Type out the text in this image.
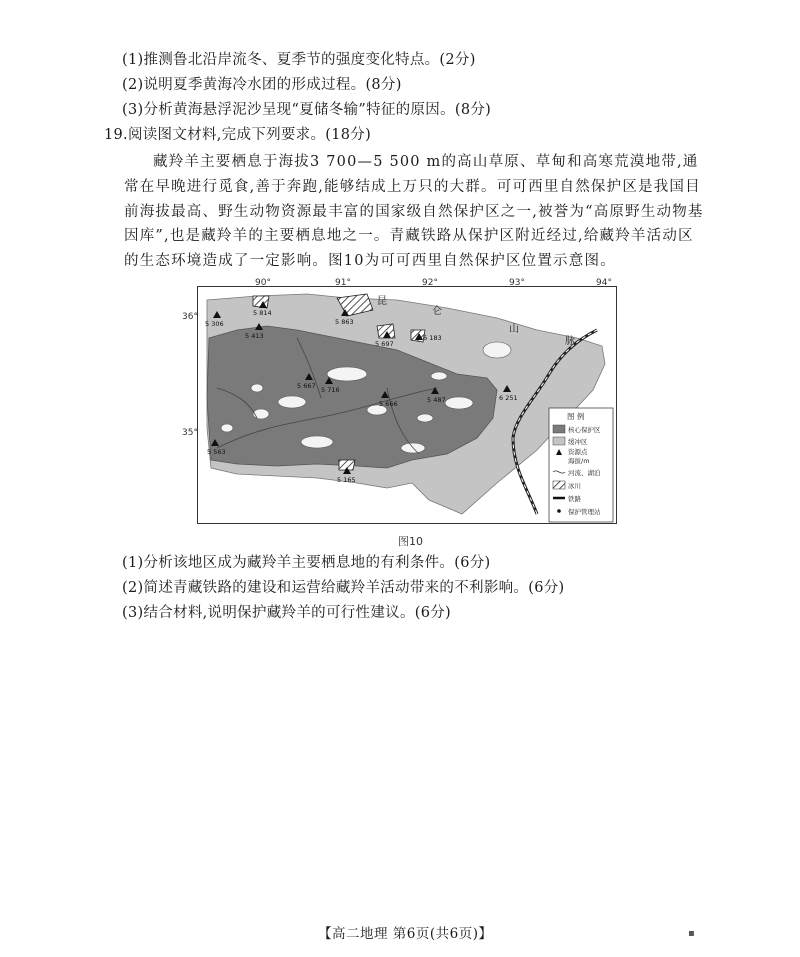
(1)推测鲁北沿岸流冬、夏季节的强度变化特点。(2分)
(2)说明夏季黄海冷水团的形成过程。(8分)
(3)分析黄海悬浮泥沙呈现“夏储冬输”特征的原因。(8分)
19.阅读图文材料,完成下列要求。(18分)
藏羚羊主要栖息于海拔3 700—5 500 m的高山草原、草甸和高寒荒漠地带,通常在早晚进行觅食,善于奔跑,能够结成上万只的大群。可可西里自然保护区是我国目前海拔最高、野生动物资源最丰富的国家级自然保护区之一,被誉为“高原野生动物基因库”,也是藏羚羊的主要栖息地之一。青藏铁路从保护区附近经过,给藏羚羊活动区的生态环境造成了一定影响。图10为可可西里自然保护区位置示意图。
90°	91°	92°	93°	94°
昆
仑
山
脉
5 306
5 814
5 413
5 863
5 697
6 183
5 667 5 716
5 666	5 487	6 251
5 563
5 165
图 例
核心保护区
缓冲区
资源点
海拔/m
河流、湖泊
冰川
铁路
保护管理站
36°
35°
图10
(1)分析该地区成为藏羚羊主要栖息地的有利条件。(6分)
(2)简述青藏铁路的建设和运营给藏羚羊活动带来的不利影响。(6分)
(3)结合材料,说明保护藏羚羊的可行性建议。(6分)
【高二地理 第6页(共6页)】	▪
